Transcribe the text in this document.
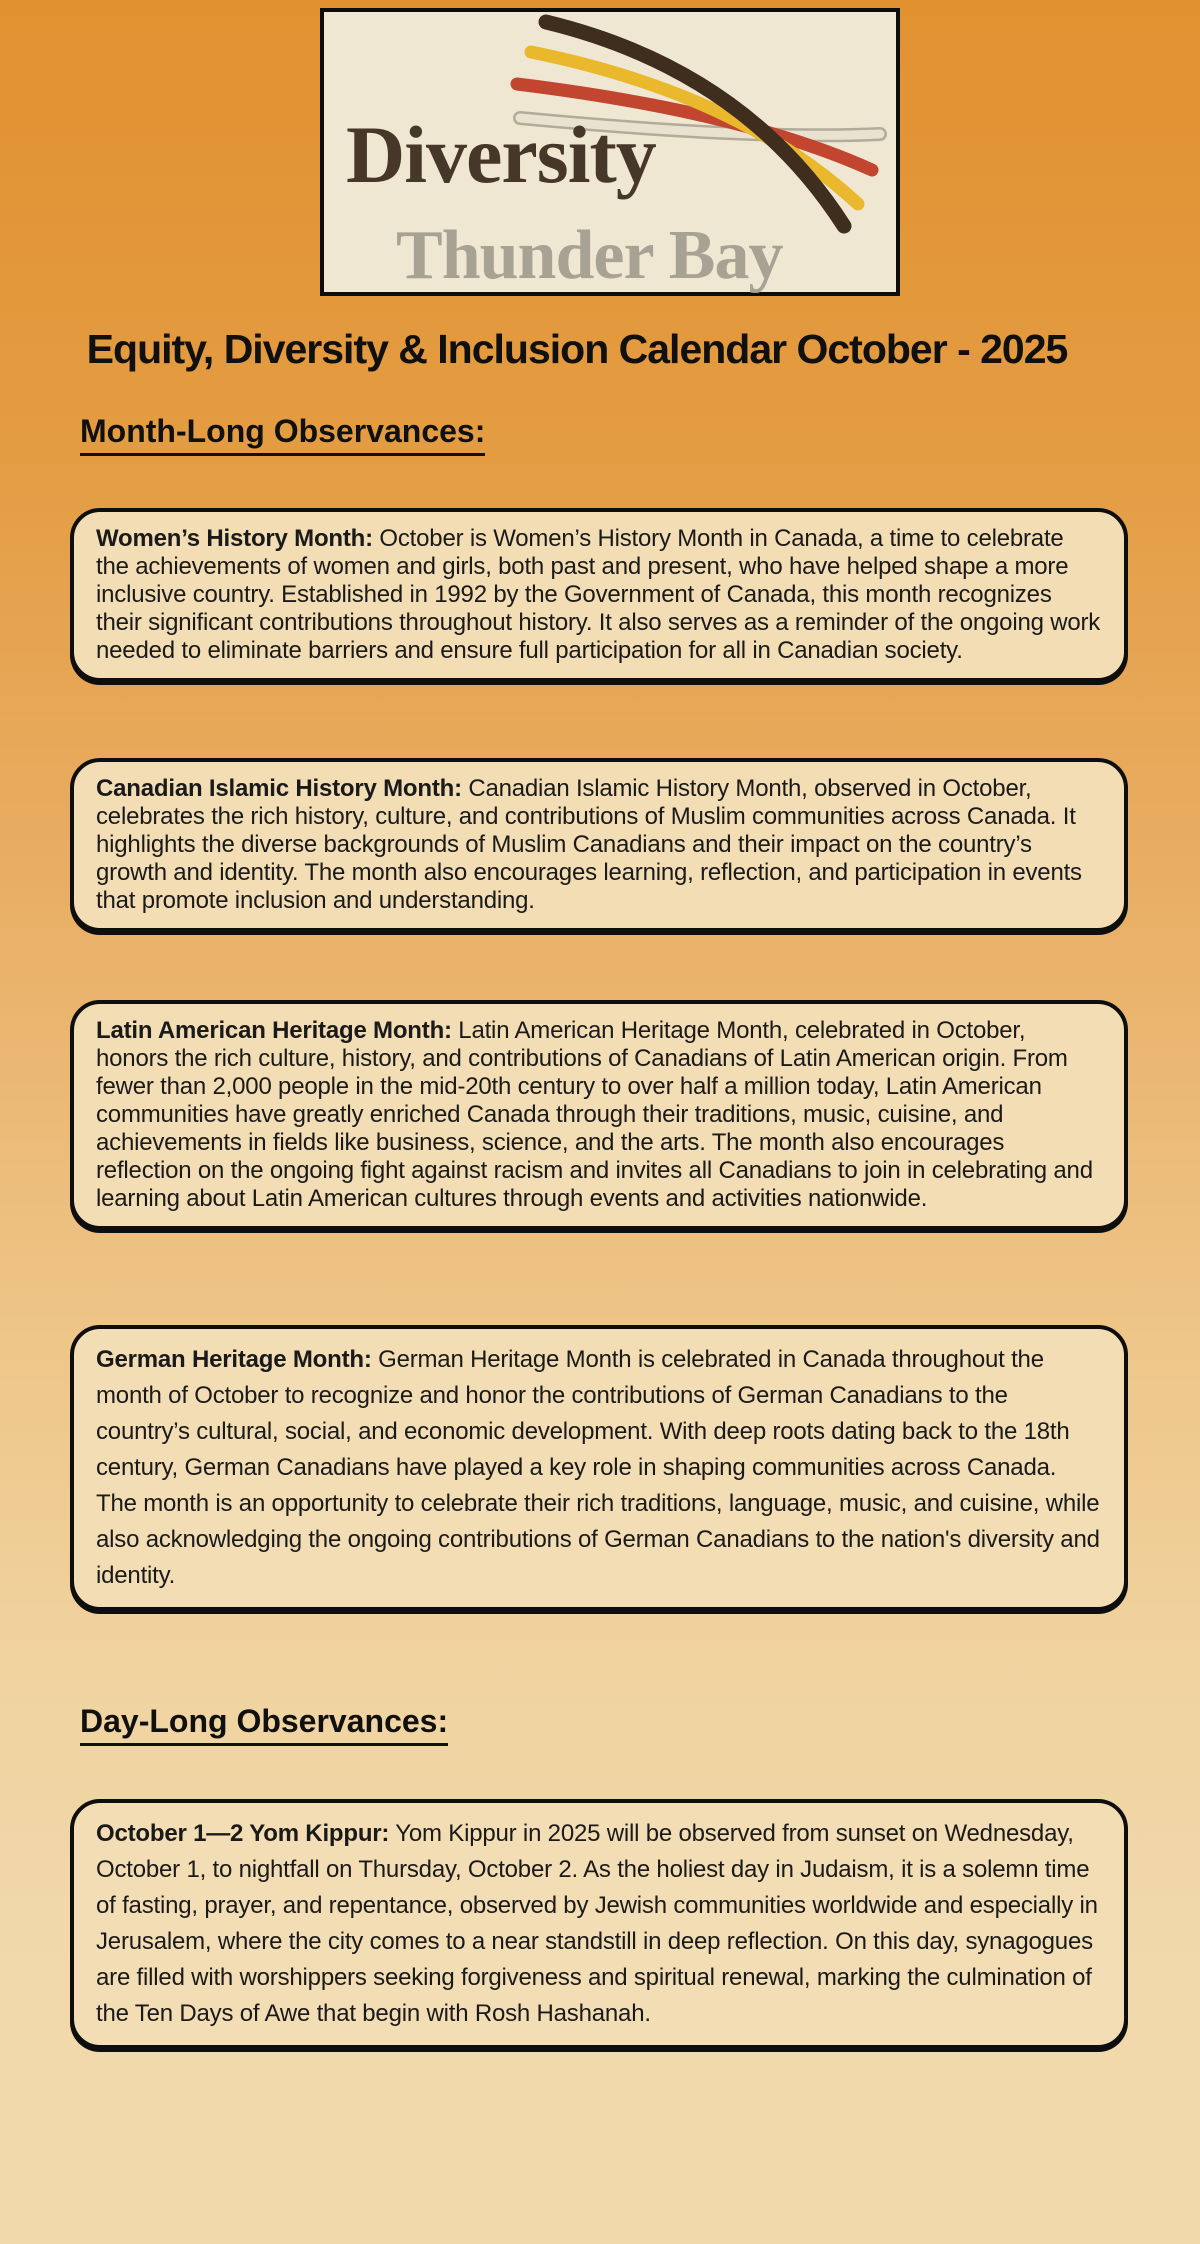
Diversity
Thunder Bay
Equity, Diversity & Inclusion Calendar October - 2025
Month-Long Observances:

Women’s History Month: October is Women’s History Month in Canada, a time to celebrate the achievements of women and girls, both past and present, who have helped shape a more inclusive country. Established in 1992 by the Government of Canada, this month recognizes their significant contributions throughout history. It also serves as a reminder of the ongoing work needed to eliminate barriers and ensure full participation for all in Canadian society.

Canadian Islamic History Month: Canadian Islamic History Month, observed in October, celebrates the rich history, culture, and contributions of Muslim communities across Canada. It highlights the diverse backgrounds of Muslim Canadians and their impact on the country’s growth and identity. The month also encourages learning, reflection, and participation in events that promote inclusion and understanding.

Latin American Heritage Month: Latin American Heritage Month, celebrated in October, honors the rich culture, history, and contributions of Canadians of Latin American origin. From fewer than 2,000 people in the mid-20th century to over half a million today, Latin American communities have greatly enriched Canada through their traditions, music, cuisine, and achievements in fields like business, science, and the arts. The month also encourages reflection on the ongoing fight against racism and invites all Canadians to join in celebrating and learning about Latin American cultures through events and activities nationwide.

German Heritage Month: German Heritage Month is celebrated in Canada throughout the month of October to recognize and honor the contributions of German Canadians to the country’s cultural, social, and economic development. With deep roots dating back to the 18th century, German Canadians have played a key role in shaping communities across Canada. The month is an opportunity to celebrate their rich traditions, language, music, and cuisine, while also acknowledging the ongoing contributions of German Canadians to the nation's diversity and identity.

Day-Long Observances:

October 1—2 Yom Kippur: Yom Kippur in 2025 will be observed from sunset on Wednesday, October 1, to nightfall on Thursday, October 2. As the holiest day in Judaism, it is a solemn time of fasting, prayer, and repentance, observed by Jewish communities worldwide and especially in Jerusalem, where the city comes to a near standstill in deep reflection. On this day, synagogues are filled with worshippers seeking forgiveness and spiritual renewal, marking the culmination of the Ten Days of Awe that begin with Rosh Hashanah.
